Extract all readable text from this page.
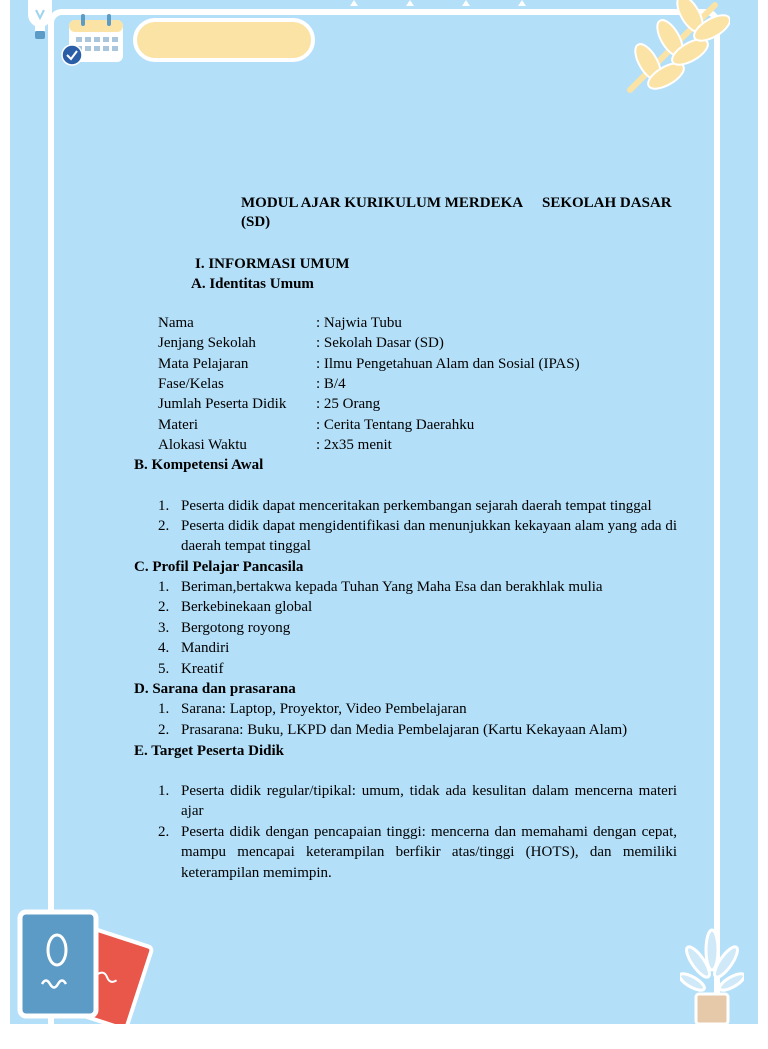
MODUL AJAR KURIKULUM MERDEKA SEKOLAH DASAR
(SD)
I. INFORMASI UMUM
A. Identitas Umum
Nama	: Najwia Tubu
Jenjang Sekolah	: Sekolah Dasar (SD)
Mata Pelajaran	: Ilmu Pengetahuan Alam dan Sosial (IPAS)
Fase/Kelas	: B/4
Jumlah Peserta Didik : 25 Orang
Materi	: Cerita Tentang Daerahku
Alokasi Waktu	: 2x35 menit
B. Kompetensi Awal
1. Peserta didik dapat menceritakan perkembangan sejarah daerah tempat tinggal
2. Peserta didik dapat mengidentifikasi dan menunjukkan kekayaan alam yang ada di daerah tempat tinggal
C. Profil Pelajar Pancasila
1. Beriman,bertakwa kepada Tuhan Yang Maha Esa dan berakhlak mulia
2. Berkebinekaan global
3. Bergotong royong
4. Mandiri
5. Kreatif
D. Sarana dan prasarana
1. Sarana: Laptop, Proyektor, Video Pembelajaran
2. Prasarana: Buku, LKPD dan Media Pembelajaran (Kartu Kekayaan Alam)
E. Target Peserta Didik
1. Peserta didik regular/tipikal: umum, tidak ada kesulitan dalam mencerna materi ajar
2. Peserta didik dengan pencapaian tinggi: mencerna dan memahami dengan cepat, mampu mencapai keterampilan berfikir atas/tinggi (HOTS), dan memiliki keterampilan memimpin.
